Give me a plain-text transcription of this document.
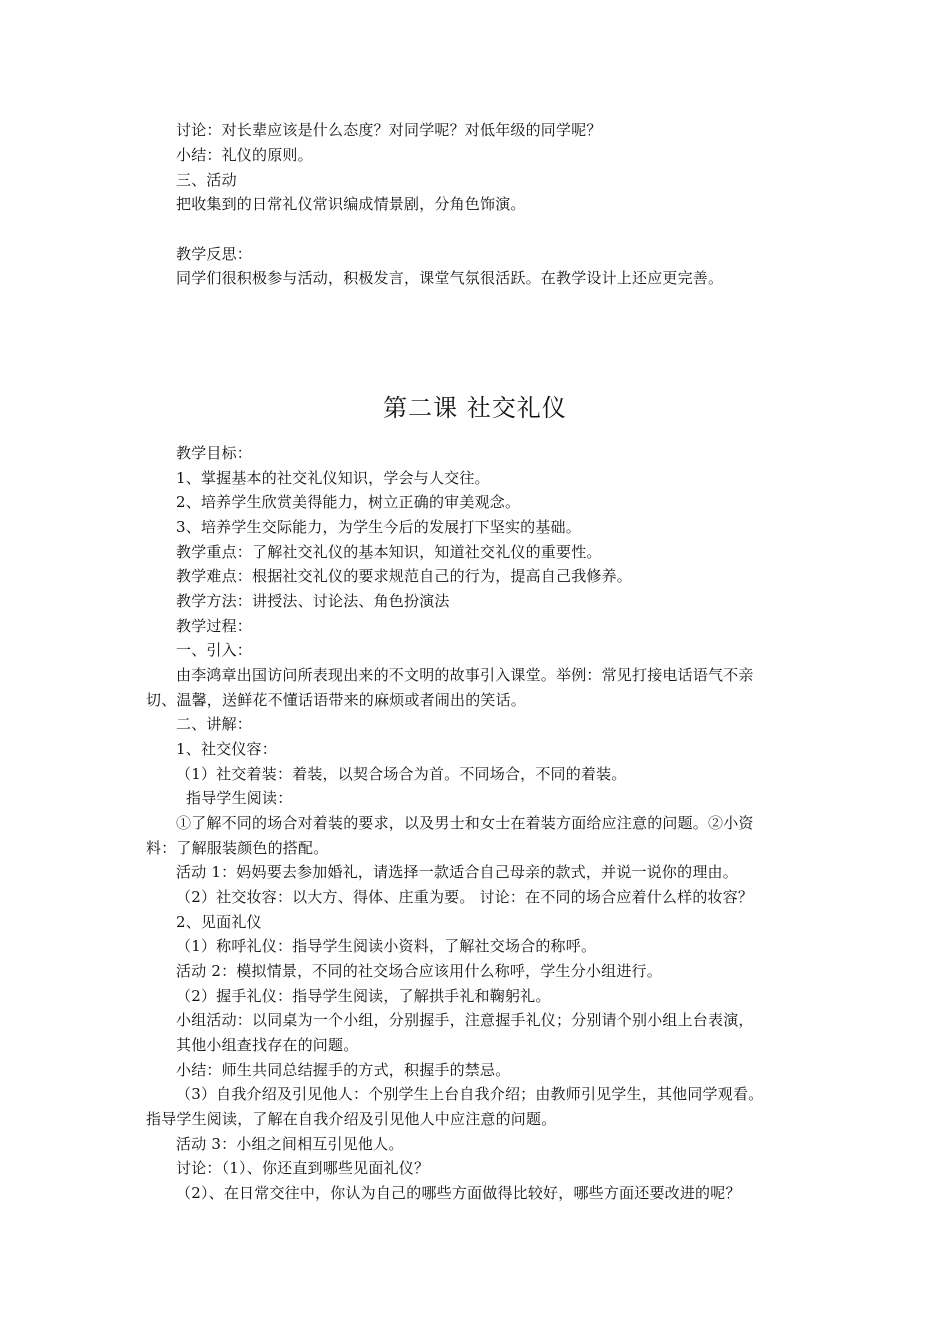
讨论：对长辈应该是什么态度？对同学呢？对低年级的同学呢？
小结：礼仪的原则。
三、活动
把收集到的日常礼仪常识编成情景剧，分角色饰演。
教学反思：
同学们很积极参与活动，积极发言，课堂气氛很活跃。在教学设计上还应更完善。
第二课 社交礼仪
教学目标：
1、掌握基本的社交礼仪知识，学会与人交往。
2、培养学生欣赏美得能力，树立正确的审美观念。
3、培养学生交际能力，为学生今后的发展打下坚实的基础。
教学重点：了解社交礼仪的基本知识，知道社交礼仪的重要性。
教学难点：根据社交礼仪的要求规范自己的行为，提高自己我修养。
教学方法：讲授法、讨论法、角色扮演法
教学过程：
一、引入：
由李鸿章出国访问所表现出来的不文明的故事引入课堂。举例：常见打接电话语气不亲
切、温馨，送鲜花不懂话语带来的麻烦或者闹出的笑话。
二、讲解：
1、社交仪容：
（1）社交着装：着装，以契合场合为首。不同场合，不同的着装。
指导学生阅读：
①了解不同的场合对着装的要求，以及男士和女士在着装方面给应注意的问题。②小资
料：了解服装颜色的搭配。
活动 1：妈妈要去参加婚礼，请选择一款适合自己母亲的款式，并说一说你的理由。
（2）社交妆容：以大方、得体、庄重为要。 讨论：在不同的场合应着什么样的妆容？
2、见面礼仪
（1）称呼礼仪：指导学生阅读小资料，了解社交场合的称呼。
活动 2：模拟情景，不同的社交场合应该用什么称呼，学生分小组进行。
（2）握手礼仪：指导学生阅读，了解拱手礼和鞠躬礼。
小组活动：以同桌为一个小组，分别握手，注意握手礼仪；分别请个别小组上台表演，
其他小组查找存在的问题。
小结：师生共同总结握手的方式，积握手的禁忌。
（3）自我介绍及引见他人：个别学生上台自我介绍；由教师引见学生，其他同学观看。
指导学生阅读，了解在自我介绍及引见他人中应注意的问题。
活动 3：小组之间相互引见他人。
讨论：（1）、你还直到哪些见面礼仪？
（2）、在日常交往中，你认为自己的哪些方面做得比较好，哪些方面还要改进的呢？
